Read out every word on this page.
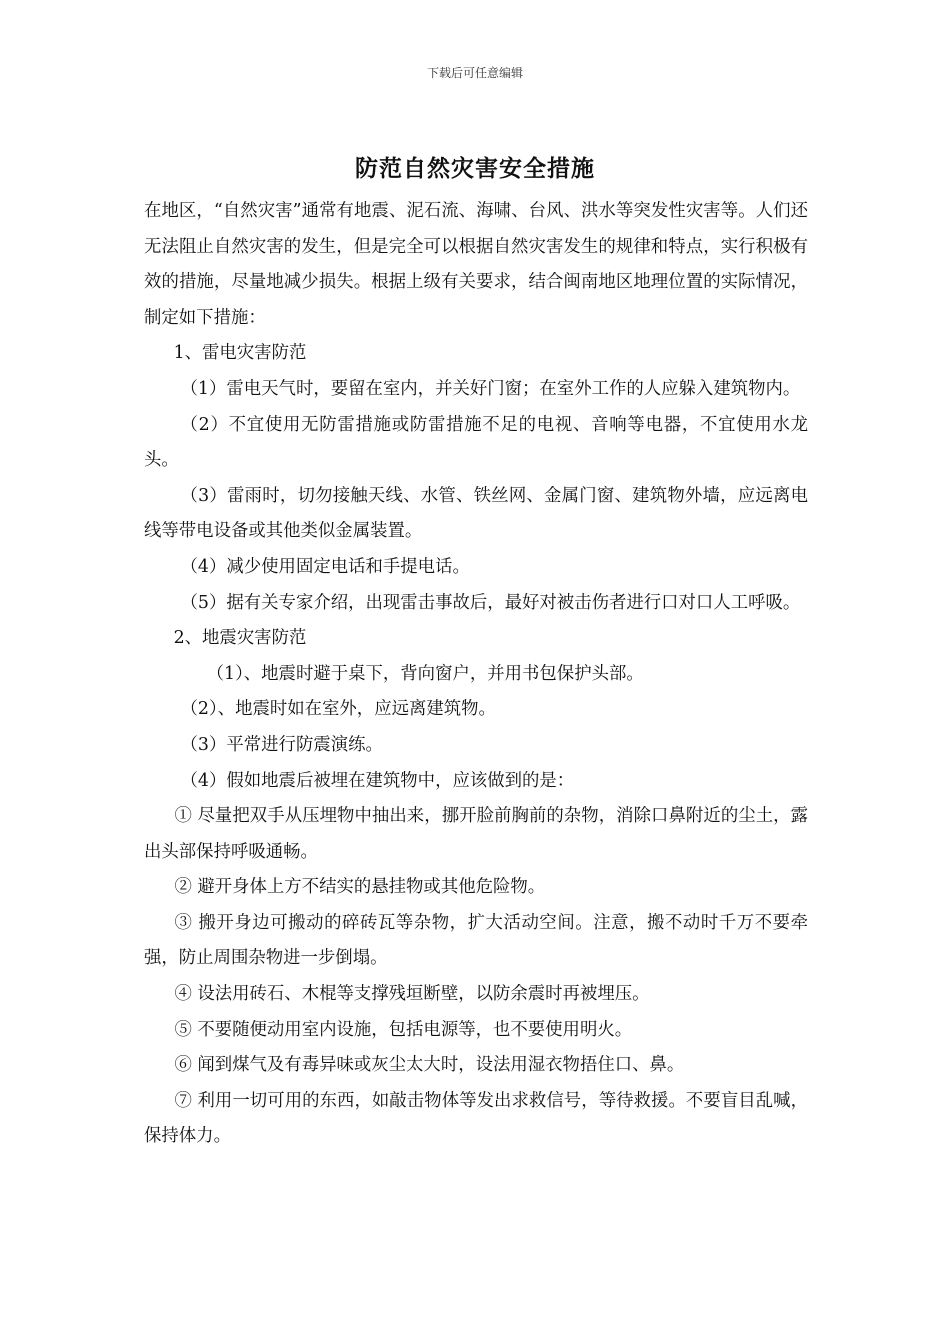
下载后可任意编辑
防范自然灾害安全措施

在地区，“自然灾害”通常有地震、泥石流、海啸、台风、洪水等突发性灾害等。人们还无法阻止自然灾害的发生，但是完全可以根据自然灾害发生的规律和特点，实行积极有效的措施，尽量地减少损失。根据上级有关要求，结合闽南地区地理位置的实际情况，制定如下措施：

1、雷电灾害防范

（1）雷电天气时，要留在室内，并关好门窗；在室外工作的人应躲入建筑物内。

（2）不宜使用无防雷措施或防雷措施不足的电视、音响等电器，不宜使用水龙头。

（3）雷雨时，切勿接触天线、水管、铁丝网、金属门窗、建筑物外墙，应远离电线等带电设备或其他类似金属装置。

（4）减少使用固定电话和手提电话。

（5）据有关专家介绍，出现雷击事故后，最好对被击伤者进行口对口人工呼吸。

2、地震灾害防范

（1）、地震时避于桌下，背向窗户，并用书包保护头部。

（2）、地震时如在室外，应远离建筑物。

（3）平常进行防震演练。

（4）假如地震后被埋在建筑物中，应该做到的是：

① 尽量把双手从压埋物中抽出来，挪开脸前胸前的杂物，消除口鼻附近的尘土，露出头部保持呼吸通畅。

② 避开身体上方不结实的悬挂物或其他危险物。

③ 搬开身边可搬动的碎砖瓦等杂物，扩大活动空间。注意，搬不动时千万不要牵强，防止周围杂物进一步倒塌。

④ 设法用砖石、木棍等支撑残垣断壁，以防余震时再被埋压。

⑤ 不要随便动用室内设施，包括电源等，也不要使用明火。

⑥ 闻到煤气及有毒异味或灰尘太大时，设法用湿衣物捂住口、鼻。

⑦ 利用一切可用的东西，如敲击物体等发出求救信号，等待救援。不要盲目乱喊，保持体力。
